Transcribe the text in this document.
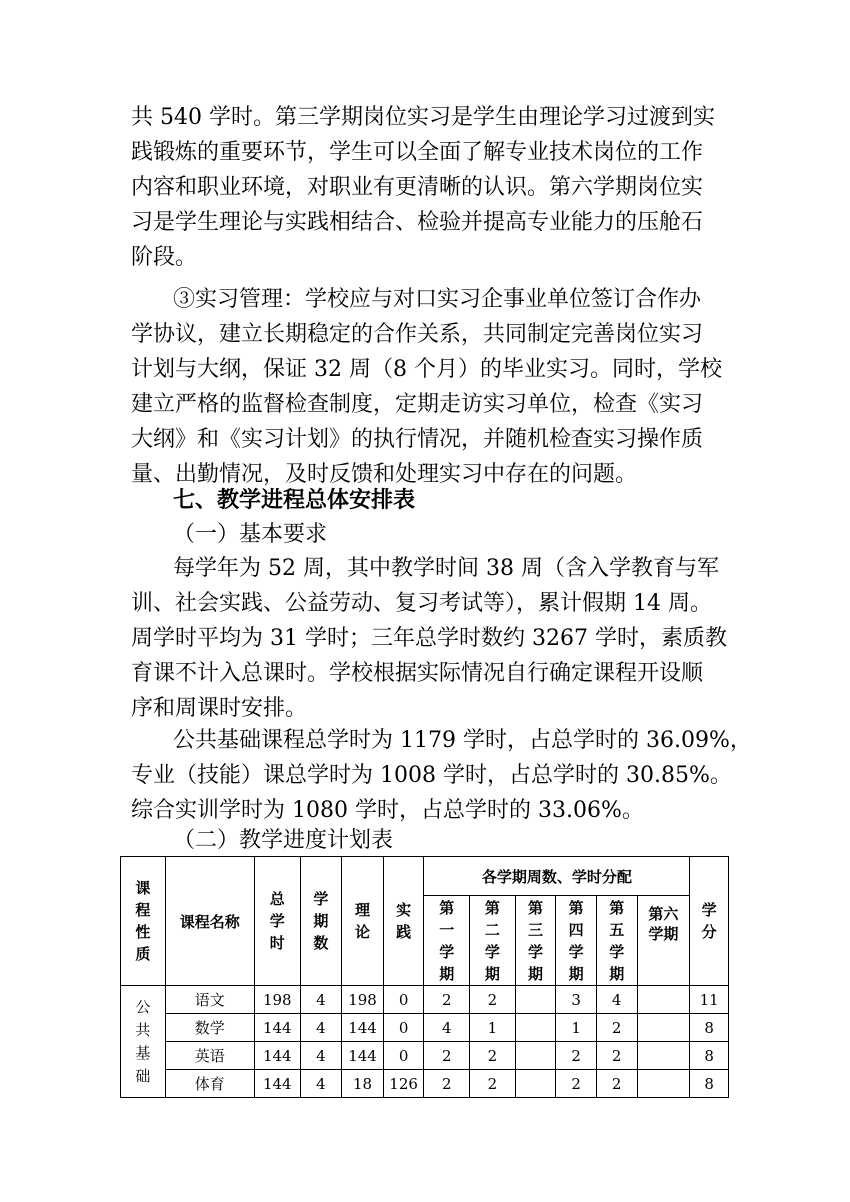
共 540 学时。第三学期岗位实习是学生由理论学习过渡到实
践锻炼的重要环节，学生可以全面了解专业技术岗位的工作
内容和职业环境，对职业有更清晰的认识。第六学期岗位实
习是学生理论与实践相结合、检验并提高专业能力的压舱石
阶段。
③实习管理：学校应与对口实习企事业单位签订合作办
学协议，建立长期稳定的合作关系，共同制定完善岗位实习
计划与大纲，保证 32 周（8 个月）的毕业实习。同时，学校
建立严格的监督检查制度，定期走访实习单位，检查《实习
大纲》和《实习计划》的执行情况，并随机检查实习操作质
量、出勤情况，及时反馈和处理实习中存在的问题。
七、教学进程总体安排表
（一）基本要求
每学年为 52 周，其中教学时间 38 周（含入学教育与军
训、社会实践、公益劳动、复习考试等），累计假期 14 周。
周学时平均为 31 学时；三年总学时数约 3267 学时，素质教
育课不计入总课时。学校根据实际情况自行确定课程开设顺
序和周课时安排。
公共基础课程总学时为 1179 学时，占总学时的 36.09%，
专业（技能）课总学时为 1008 学时，占总学时的 30.85%。
综合实训学时为 1080 学时，占总学时的 33.06%。
（二）教学进度计划表
课程性质	课程名称	总学时	学期数	理论	实践	各学期周数、学时分配						学分
						第一学期	第二学期	第三学期	第四学期	第五学期	第六学期	
公共基础	语文	198	4	198	0	2	2		3	4		11
	数学	144	4	144	0	4	1		1	2		8
	英语	144	4	144	0	2	2		2	2		8
	体育	144	4	18	126	2	2		2	2		8
